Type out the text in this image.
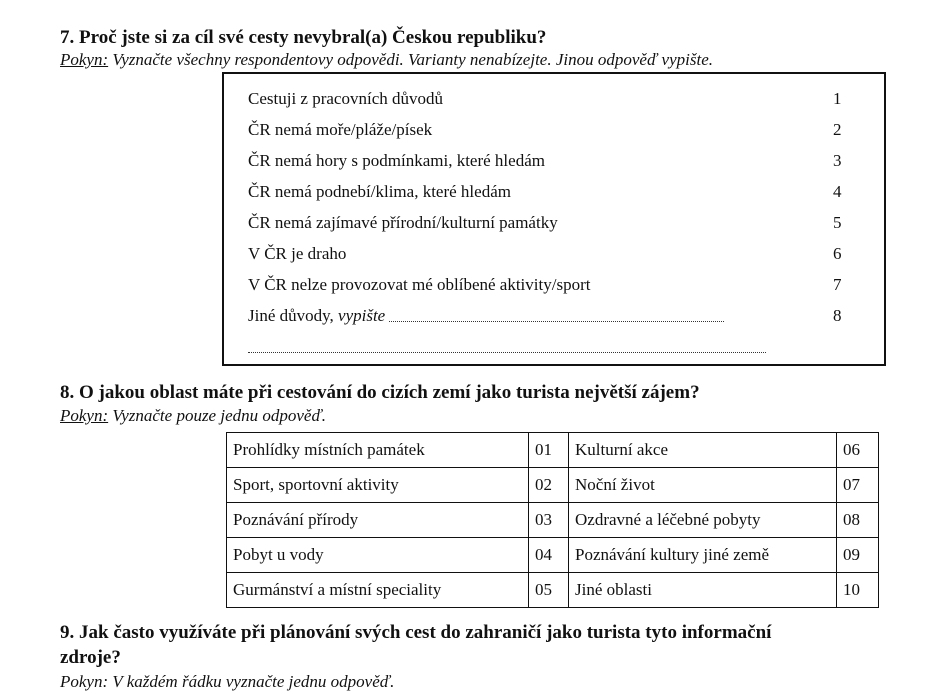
7. Proč jste si za cíl své cesty nevybral(a) Českou republiku?
Pokyn: Vyznačte všechny respondentovy odpovědi. Varianty nenabízejte. Jinou odpověď vypište.
Cestuji z pracovních důvodů	1
ČR nemá moře/pláže/písek	2
ČR nemá hory s podmínkami, které hledám	3
ČR nemá podnebí/klima, které hledám	4
ČR nemá zajímavé přírodní/kulturní památky	5
V ČR je draho	6
V ČR nelze provozovat mé oblíbené aktivity/sport	7
Jiné důvody, vypište	8
8. O jakou oblast máte při cestování do cizích zemí jako turista největší zájem?
Pokyn: Vyznačte pouze jednu odpověď.
Prohlídky místních památek	01	Kulturní akce	06
Sport, sportovní aktivity	02	Noční život	07
Poznávání přírody	03	Ozdravné a léčebné pobyty	08
Pobyt u vody	04	Poznávání kultury jiné země	09
Gurmánství a místní speciality	05	Jiné oblasti	10
9. Jak často využíváte při plánování svých cest do zahraničí jako turista tyto informační
zdroje?
Pokyn: V každém řádku vyznačte jednu odpověď.
